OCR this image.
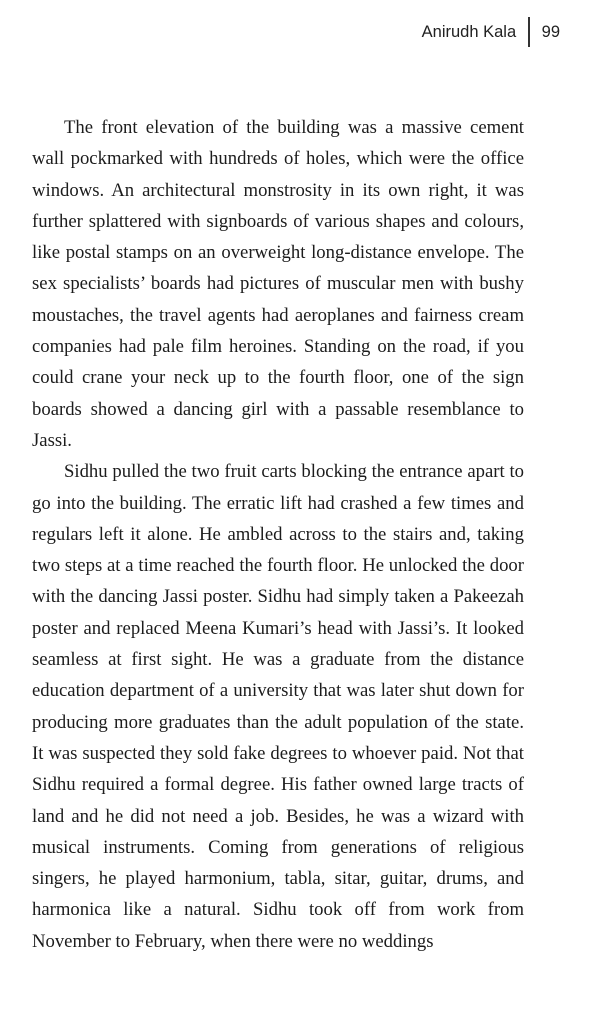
Anirudh Kala	99

The front elevation of the building was a massive cement wall pockmarked with hundreds of holes, which were the office windows. An architectural monstrosity in its own right, it was further splattered with signboards of various shapes and colours, like postal stamps on an overweight long-distance envelope. The sex specialists’ boards had pictures of muscular men with bushy moustaches, the travel agents had aeroplanes and fairness cream companies had pale film heroines. Standing on the road, if you could crane your neck up to the fourth floor, one of the sign boards showed a dancing girl with a passable resemblance to Jassi.

Sidhu pulled the two fruit carts blocking the entrance apart to go into the building. The erratic lift had crashed a few times and regulars left it alone. He ambled across to the stairs and, taking two steps at a time reached the fourth floor. He unlocked the door with the dancing Jassi poster. Sidhu had simply taken a Pakeezah poster and replaced Meena Kumari’s head with Jassi’s. It looked seamless at first sight. He was a graduate from the distance education department of a university that was later shut down for producing more graduates than the adult population of the state. It was suspected they sold fake degrees to whoever paid. Not that Sidhu required a formal degree. His father owned large tracts of land and he did not need a job. Besides, he was a wizard with musical instruments. Coming from generations of religious singers, he played harmonium, tabla, sitar, guitar, drums, and harmonica like a natural. Sidhu took off from work from November to February, when there were no weddings
